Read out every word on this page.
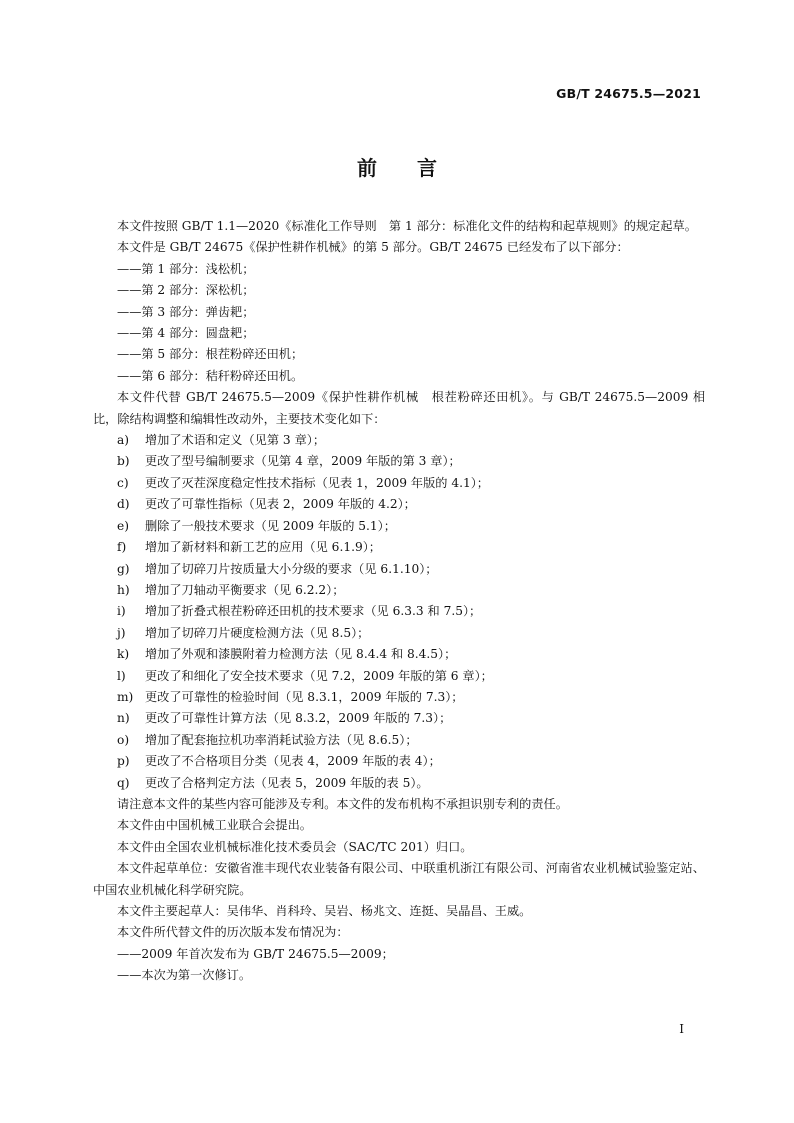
GB/T 24675.5—2021
前　　言

本文件按照 GB/T 1.1—2020《标准化工作导则　第 1 部分：标准化文件的结构和起草规则》的规定起草。

本文件是 GB/T 24675《保护性耕作机械》的第 5 部分。GB/T 24675 已经发布了以下部分：

——第 1 部分：浅松机；

——第 2 部分：深松机；

——第 3 部分：弹齿耙；

——第 4 部分：圆盘耙；

——第 5 部分：根茬粉碎还田机；

——第 6 部分：秸秆粉碎还田机。

本文件代替 GB/T 24675.5—2009《保护性耕作机械　根茬粉碎还田机》。与 GB/T 24675.5—2009 相比，除结构调整和编辑性改动外，主要技术变化如下：

a)	增加了术语和定义（见第 3 章）；
b)	更改了型号编制要求（见第 4 章，2009 年版的第 3 章）；
c)	更改了灭茬深度稳定性技术指标（见表 1，2009 年版的 4.1）；
d)	更改了可靠性指标（见表 2，2009 年版的 4.2）；
e)	删除了一般技术要求（见 2009 年版的 5.1）；
f)	增加了新材料和新工艺的应用（见 6.1.9）；
g)	增加了切碎刀片按质量大小分级的要求（见 6.1.10）；
h)	增加了刀轴动平衡要求（见 6.2.2）；
i)	增加了折叠式根茬粉碎还田机的技术要求（见 6.3.3 和 7.5）；
j)	增加了切碎刀片硬度检测方法（见 8.5）；
k)	增加了外观和漆膜附着力检测方法（见 8.4.4 和 8.4.5）；
l)	更改了和细化了安全技术要求（见 7.2，2009 年版的第 6 章）；
m) 更改了可靠性的检验时间（见 8.3.1，2009 年版的 7.3）；
n)	更改了可靠性计算方法（见 8.3.2，2009 年版的 7.3）；
o)	增加了配套拖拉机功率消耗试验方法（见 8.6.5）；
p)	更改了不合格项目分类（见表 4，2009 年版的表 4）；
q)	更改了合格判定方法（见表 5，2009 年版的表 5）。

请注意本文件的某些内容可能涉及专利。本文件的发布机构不承担识别专利的责任。

本文件由中国机械工业联合会提出。

本文件由全国农业机械标准化技术委员会（SAC/TC 201）归口。

本文件起草单位：安徽省淮丰现代农业装备有限公司、中联重机浙江有限公司、河南省农业机械试验鉴定站、中国农业机械化科学研究院。

本文件主要起草人：吴伟华、肖科玲、吴岩、杨兆文、连挺、吴晶昌、王威。

本文件所代替文件的历次版本发布情况为：

——2009 年首次发布为 GB/T 24675.5—2009；

——本次为第一次修订。

I
